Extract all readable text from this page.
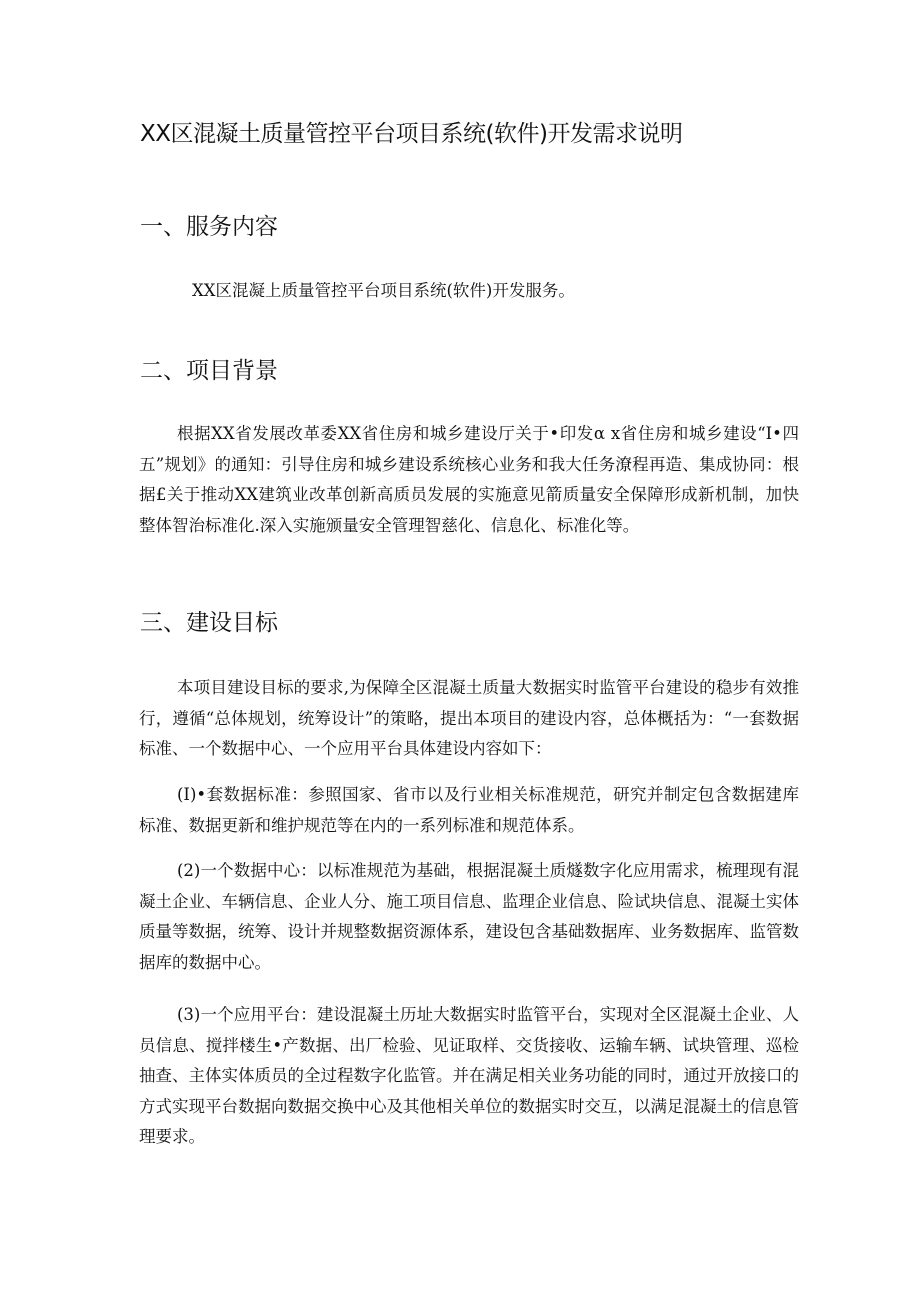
XX区混凝土质量管控平台项目系统(软件)开发需求说明
一、服务内容

XX区混凝上质量管控平台项目系统(软件)开发服务。

二、项目背景

根据XX省发展改革委XX省住房和城乡建设厅关于•印发α x省住房和城乡建设“I•四五”规划》的通知：引导住房和城乡建设系统核心业务和我大任务潦程再造、集成协同：根据£关于推动XX建筑业改革创新高质员发展的实施意见箭质量安全保障形成新机制，加快整体智治标准化.深入实施颁量安全管理智慈化、信息化、标准化等。

三、建设目标

本项目建设目标的要求,为保障全区混凝土质量大数据实时监管平台建设的稳步有效推行，遵循“总体规划，统筹设计”的策略，提出本项目的建设内容，总体概括为：“一套数据标准、一个数据中心、一个应用平台具体建设内容如下：

(I)•套数据标准：参照国家、省市以及行业相关标准规范，研究并制定包含数据建库标准、数据更新和维护规范等在内的一系列标准和规范体系。

(2)一个数据中心：以标准规范为基础，根据混凝土质燧数字化应用需求，梳理现有混凝土企业、车辆信息、企业人分、施工项目信息、监理企业信息、险试块信息、混凝土实体质量等数据，统筹、设计并规整数据资源体系，建设包含基础数据库、业务数据库、监管数据库的数据中心。

(3)一个应用平台：建设混凝土历址大数据实时监管平台，实现对全区混凝土企业、人员信息、搅拌楼生•产数据、出厂检验、见证取样、交货接收、运输车辆、试块管理、巡检抽查、主体实体质员的全过程数字化监管。并在满足相关业务功能的同时，通过开放接口的方式实现平台数据向数据交换中心及其他相关单位的数据实时交互，以满足混凝土的信息管理要求。
